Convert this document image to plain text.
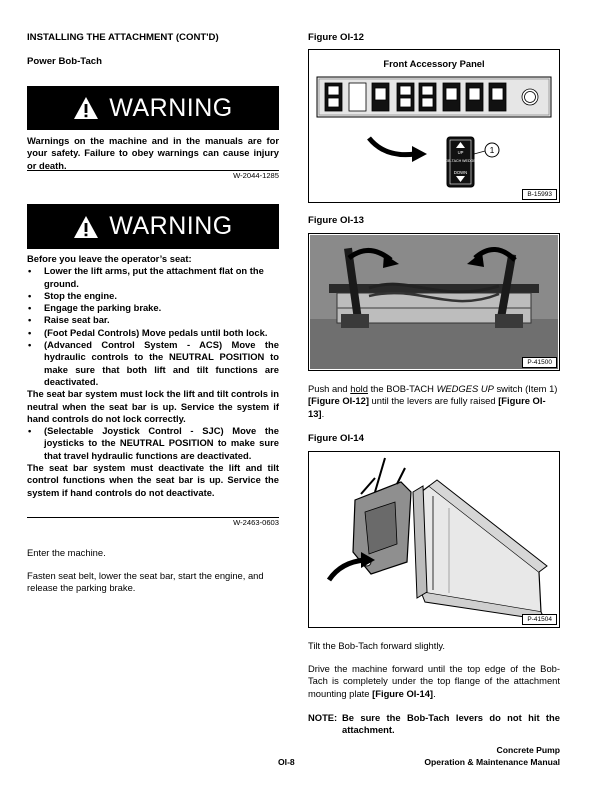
INSTALLING THE ATTACHMENT (CONT'D)
Power Bob-Tach
WARNING
Warnings on the machine and in the manuals are for your safety. Failure to obey warnings can cause injury or death.
W-2044-1285
WARNING
Before you leave the operator’s seat:
• Lower the lift arms, put the attachment flat on the ground.
• Stop the engine.
• Engage the parking brake.
• Raise seat bar.
• (Foot Pedal Controls) Move pedals until both lock.
• (Advanced Control System - ACS) Move the hydraulic controls to the NEUTRAL POSITION to make sure that both lift and tilt functions are deactivated.
The seat bar system must lock the lift and tilt controls in neutral when the seat bar is up. Service the system if hand controls do not lock correctly.
• (Selectable Joystick Control - SJC) Move the joysticks to the NEUTRAL POSITION to make sure that travel hydraulic functions are deactivated.
The seat bar system must deactivate the lift and tilt control functions when the seat bar is up. Service the system if hand controls do not deactivate.
W-2463-0603
Enter the machine.
Fasten seat belt, lower the seat bar, start the engine, and release the parking brake.
Figure OI-12
Front Accessory Panel
UP
BOB-TACH WEDGES
DOWN
1
B-15993
Figure OI-13
P-41500
Push and hold the BOB-TACH WEDGES UP switch (Item 1) [Figure OI-12] until the levers are fully raised [Figure OI-13].
Figure OI-14
P-41504
Tilt the Bob-Tach forward slightly.
Drive the machine forward until the top edge of the Bob-Tach is completely under the top flange of the attachment mounting plate [Figure OI-14].
NOTE: Be sure the Bob-Tach levers do not hit the attachment.
OI-8
Concrete Pump
Operation & Maintenance Manual
